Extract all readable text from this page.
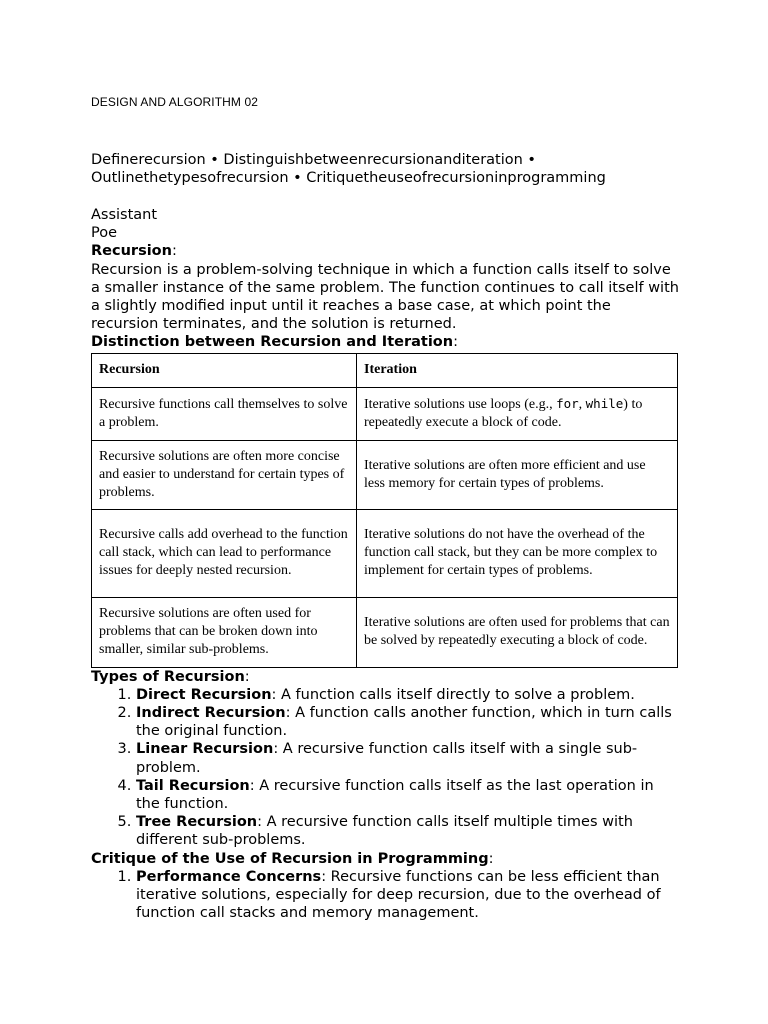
DESIGN AND ALGORITHM 02
Definerecursion • Distinguishbetweenrecursionanditeration •
Outlinethetypesofrecursion • Critiquetheuseofrecursioninprogramming

Assistant

Poe

Recursion:

Recursion is a problem-solving technique in which a function calls itself to solve a smaller instance of the same problem. The function continues to call itself with a slightly modified input until it reaches a base case, at which point the recursion terminates, and the solution is returned.

Distinction between Recursion and Iteration:

Recursion	Iteration
Recursive functions call themselves to solve a problem.	Iterative solutions use loops (e.g., for, while) to repeatedly execute a block of code.
Recursive solutions are often more concise and easier to understand for certain types of problems.	Iterative solutions are often more efficient and use less memory for certain types of problems.
Recursive calls add overhead to the function call stack, which can lead to performance issues for deeply nested recursion.	Iterative solutions do not have the overhead of the function call stack, but they can be more complex to implement for certain types of problems.
Recursive solutions are often used for problems that can be broken down into smaller, similar sub-problems.	Iterative solutions are often used for problems that can be solved by repeatedly executing a block of code.

Types of Recursion:

1. Direct Recursion: A function calls itself directly to solve a problem.
2. Indirect Recursion: A function calls another function, which in turn calls the original function.
3. Linear Recursion: A recursive function calls itself with a single sub-problem.
4. Tail Recursion: A recursive function calls itself as the last operation in the function.
5. Tree Recursion: A recursive function calls itself multiple times with different sub-problems.

Critique of the Use of Recursion in Programming:

1. Performance Concerns: Recursive functions can be less efficient than iterative solutions, especially for deep recursion, due to the overhead of function call stacks and memory management.
